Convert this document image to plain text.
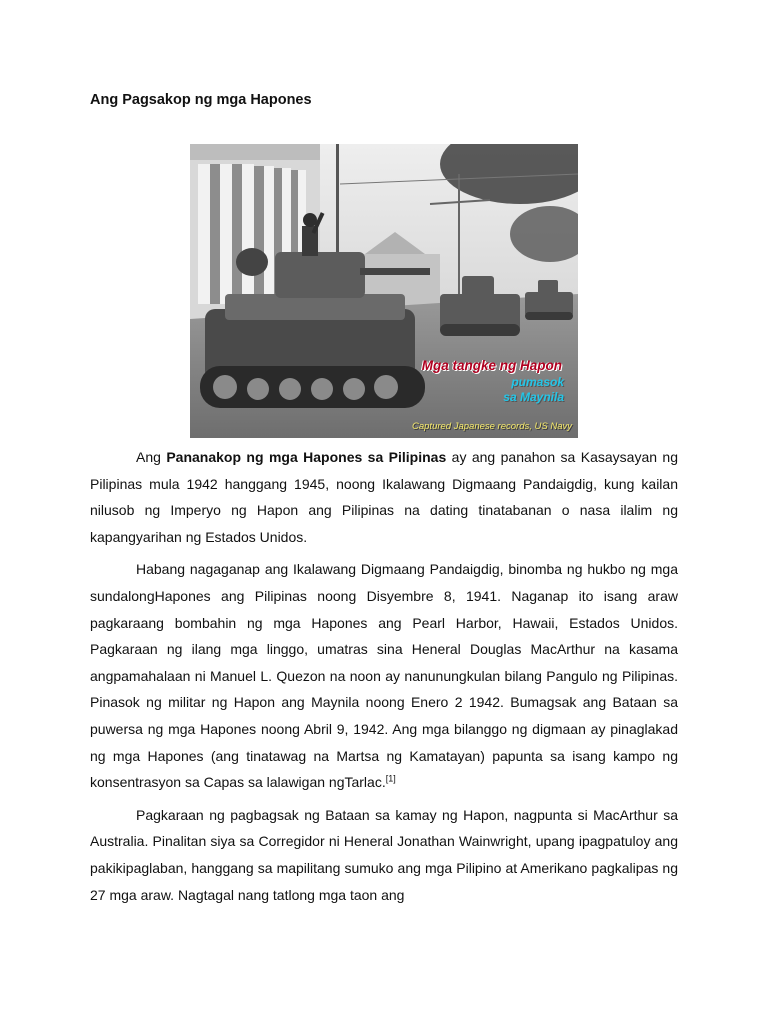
Ang Pagsakop ng mga Hapones
Mga tangke ng Hapon
pumasok
sa Maynila
Captured Japanese records, US Navy

Ang Pananakop ng mga Hapones sa Pilipinas ay ang panahon sa Kasaysayan ng Pilipinas mula 1942 hanggang 1945, noong Ikalawang Digmaang Pandaigdig, kung kailan nilusob ng Imperyo ng Hapon ang Pilipinas na dating tinatabanan o nasa ilalim ng kapangyarihan ng Estados Unidos.

Habang nagaganap ang Ikalawang Digmaang Pandaigdig, binomba ng hukbo ng mga sundalongHapones ang Pilipinas noong Disyembre 8, 1941. Naganap ito isang araw pagkaraang bombahin ng mga Hapones ang Pearl Harbor, Hawaii, Estados Unidos. Pagkaraan ng ilang mga linggo, umatras sina Heneral Douglas MacArthur na kasama angpamahalaan ni Manuel L. Quezon na noon ay nanunungkulan bilang Pangulo ng Pilipinas. Pinasok ng militar ng Hapon ang Maynila noong Enero 2 1942. Bumagsak ang Bataan sa puwersa ng mga Hapones noong Abril 9, 1942. Ang mga bilanggo ng digmaan ay pinaglakad ng mga Hapones (ang tinatawag na Martsa ng Kamatayan) papunta sa isang kampo ng konsentrasyon sa Capas sa lalawigan ngTarlac.[1]

Pagkaraan ng pagbagsak ng Bataan sa kamay ng Hapon, nagpunta si MacArthur sa Australia. Pinalitan siya sa Corregidor ni Heneral Jonathan Wainwright, upang ipagpatuloy ang pakikipaglaban, hanggang sa mapilitang sumuko ang mga Pilipino at Amerikano pagkalipas ng 27 mga araw. Nagtagal nang tatlong mga taon ang
